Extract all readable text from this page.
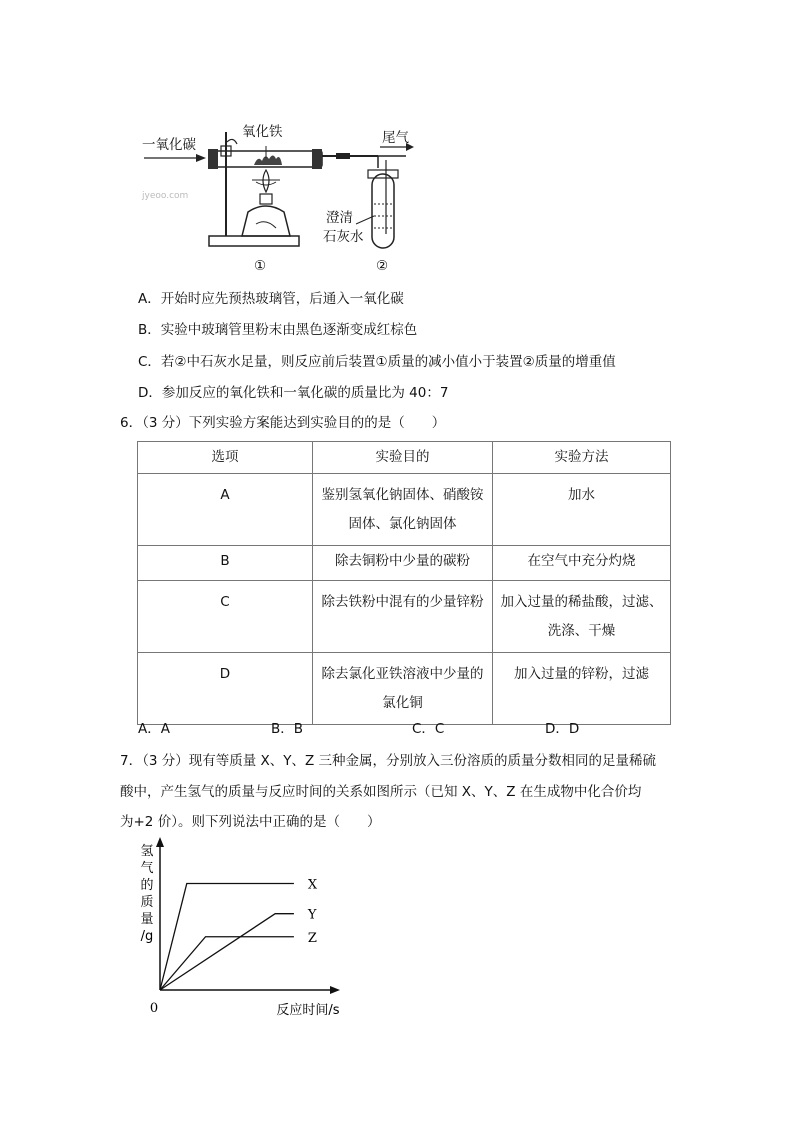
一氧化碳
氧化铁	尾气
jyeoo.com
澄清
石灰水
①	②
A．开始时应先预热玻璃管，后通入一氧化碳
B．实验中玻璃管里粉末由黑色逐渐变成红棕色
C．若②中石灰水足量，则反应前后装置①质量的减小值小于装置②质量的增重值
D．参加反应的氧化铁和一氧化碳的质量比为 40：7
6．（3 分）下列实验方案能达到实验目的的是（　　）
选项	实验目的	实验方法
A	鉴别氢氧化钠固体、硝酸铵
固体、氯化钠固体	加水

B	除去铜粉中少量的碳粉	在空气中充分灼烧
C	除去铁粉中混有的少量锌粉	加入过量的稀盐酸，过滤、
洗涤、干燥

D	除去氯化亚铁溶液中少量的
氯化铜	加入过量的锌粉，过滤
A．A	B．B	C．C	D．D
7．（3 分）现有等质量 X、Y、Z 三种金属，分别放入三份溶质的质量分数相同的足量稀硫
酸中，产生氢气的质量与反应时间的关系如图所示（已知 X、Y、Z 在生成物中化合价均
为+2 价）。则下列说法中正确的是（　　）
0	反应时间/s
氢
气
的
质
量
/g
X
Y
Z
